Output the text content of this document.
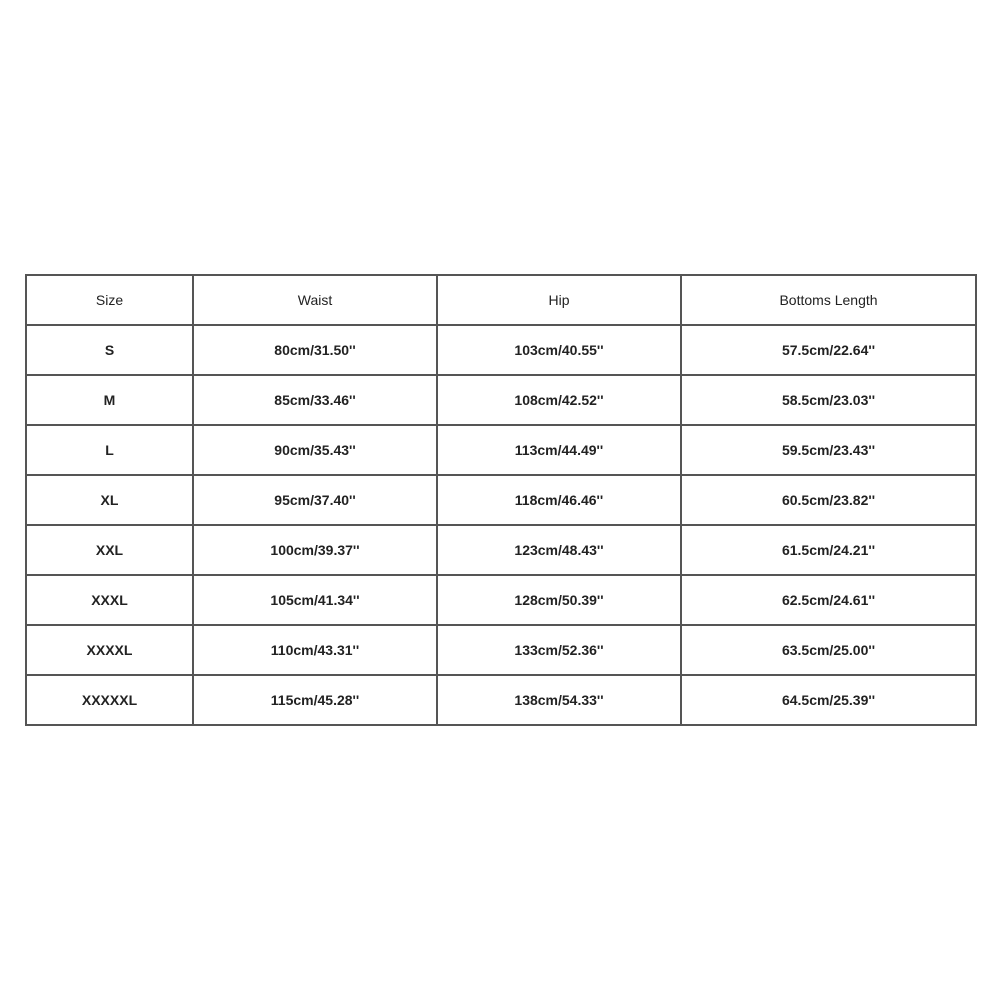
Size	Waist	Hip	Bottoms Length
S	80cm/31.50''	103cm/40.55''	57.5cm/22.64''
M	85cm/33.46''	108cm/42.52''	58.5cm/23.03''
L	90cm/35.43''	113cm/44.49''	59.5cm/23.43''
XL	95cm/37.40''	118cm/46.46''	60.5cm/23.82''
XXL	100cm/39.37''	123cm/48.43''	61.5cm/24.21''
XXXL	105cm/41.34''	128cm/50.39''	62.5cm/24.61''
XXXXL	110cm/43.31''	133cm/52.36''	63.5cm/25.00''
XXXXXL	115cm/45.28''	138cm/54.33''	64.5cm/25.39''
